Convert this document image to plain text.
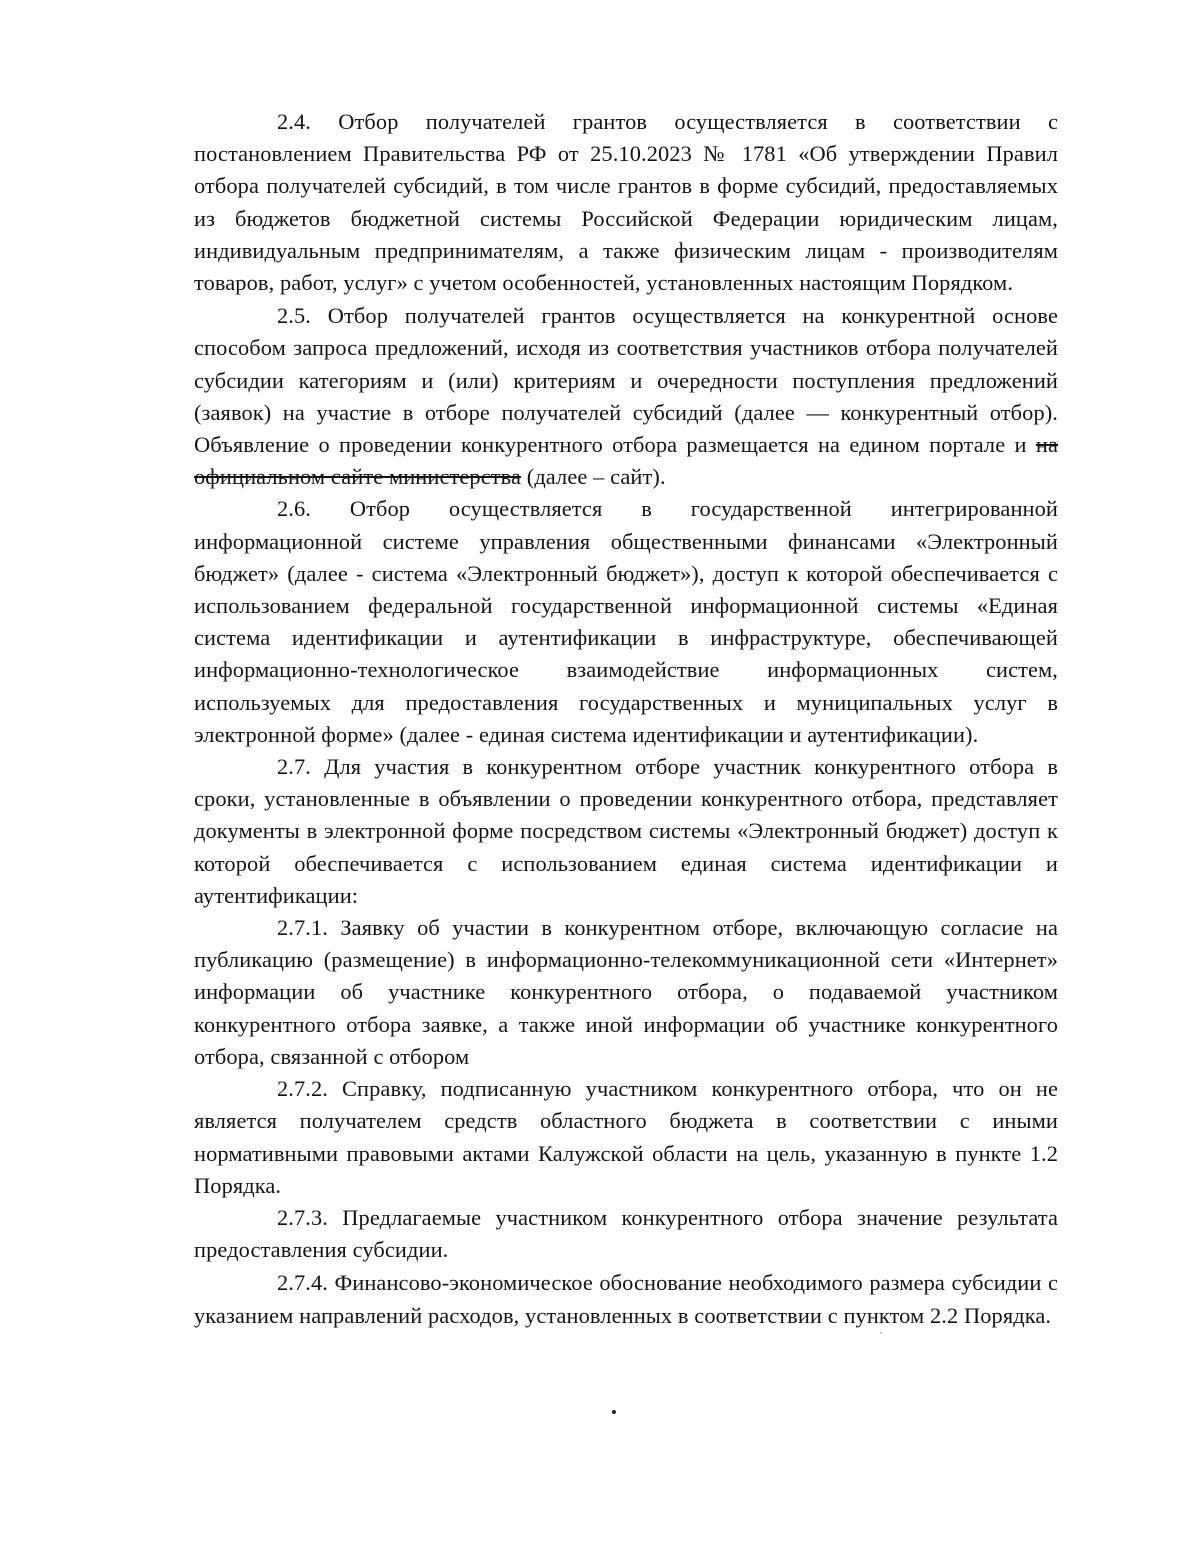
2.4. Отбор получателей грантов осуществляется в соответствии с постановлением Правительства РФ от 25.10.2023 № 1781 «Об утверждении Правил отбора получателей субсидий, в том числе грантов в форме субсидий, предоставляемых из бюджетов бюджетной системы Российской Федерации юридическим лицам, индивидуальным предпринимателям, а также физическим лицам - производителям товаров, работ, услуг» с учетом особенностей, установленных настоящим Порядком.

2.5. Отбор получателей грантов осуществляется на конкурентной основе способом запроса предложений, исходя из соответствия участников отбора получателей субсидии категориям и (или) критериям и очередности поступления предложений (заявок) на участие в отборе получателей субсидий (далее — конкурентный отбор). Объявление о проведении конкурентного отбора размещается на едином портале и на официальном сайте министерства (далее – сайт).

2.6. Отбор осуществляется в государственной интегрированной информационной системе управления общественными финансами «Электронный бюджет» (далее - система «Электронный бюджет»), доступ к которой обеспечивается с использованием федеральной государственной информационной системы «Единая система идентификации и аутентификации в инфраструктуре, обеспечивающей информационно-технологическое взаимодействие информационных систем, используемых для предоставления государственных и муниципальных услуг в электронной форме» (далее - единая система идентификации и аутентификации).

2.7. Для участия в конкурентном отборе участник конкурентного отбора в сроки, установленные в объявлении о проведении конкурентного отбора, представляет документы в электронной форме посредством системы «Электронный бюджет) доступ к которой обеспечивается с использованием единая система идентификации и аутентификации:

2.7.1. Заявку об участии в конкурентном отборе, включающую согласие на публикацию (размещение) в информационно-телекоммуникационной сети «Интернет» информации об участнике конкурентного отбора, о подаваемой участником конкурентного отбора заявке, а также иной информации об участнике конкурентного отбора, связанной с отбором

2.7.2. Справку, подписанную участником конкурентного отбора, что он не является получателем средств областного бюджета в соответствии с иными нормативными правовыми актами Калужской области на цель, указанную в пункте 1.2 Порядка.

2.7.3. Предлагаемые участником конкурентного отбора значение результата предоставления субсидии.

2.7.4. Финансово-экономическое обоснование необходимого размера субсидии с указанием направлений расходов, установленных в соответствии с пунктом 2.2 Порядка.
